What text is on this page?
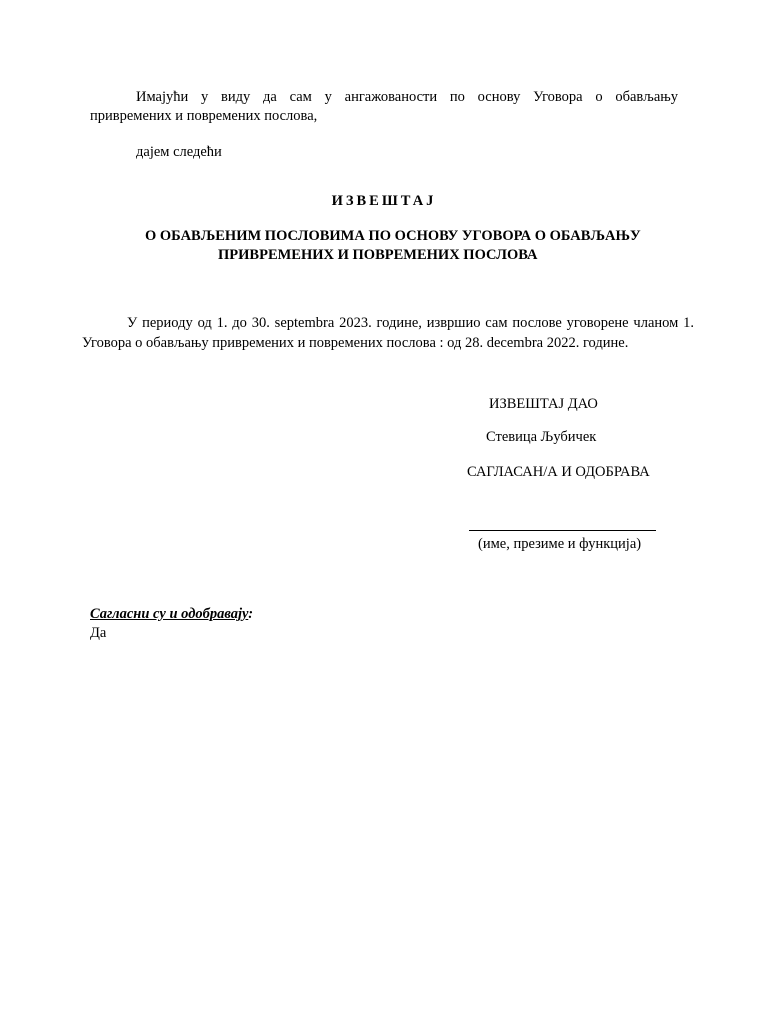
Имајући у виду да сам у ангажованости по основу Уговора о обављању
привремених и повремених послова,
дајем следећи
ИЗВЕШТАЈ
О ОБАВЉЕНИМ ПОСЛОВИМА ПО ОСНОВУ УГОВОРА О ОБАВЉАЊУ
ПРИВРЕМЕНИХ И ПОВРЕМЕНИХ ПОСЛОВА
У периоду од 1. до 30. septembra 2023. године, извршио сам послове уговорене чланом 1.
Уговора о обављању привремених и повремених послова : од 28. decembra 2022. године.
ИЗВЕШТАЈ ДАО
Стевица Љубичек
САГЛАСАН/А И ОДОБРАВА
(име, презиме и функција)
Сагласни су и одобравају:
Да
